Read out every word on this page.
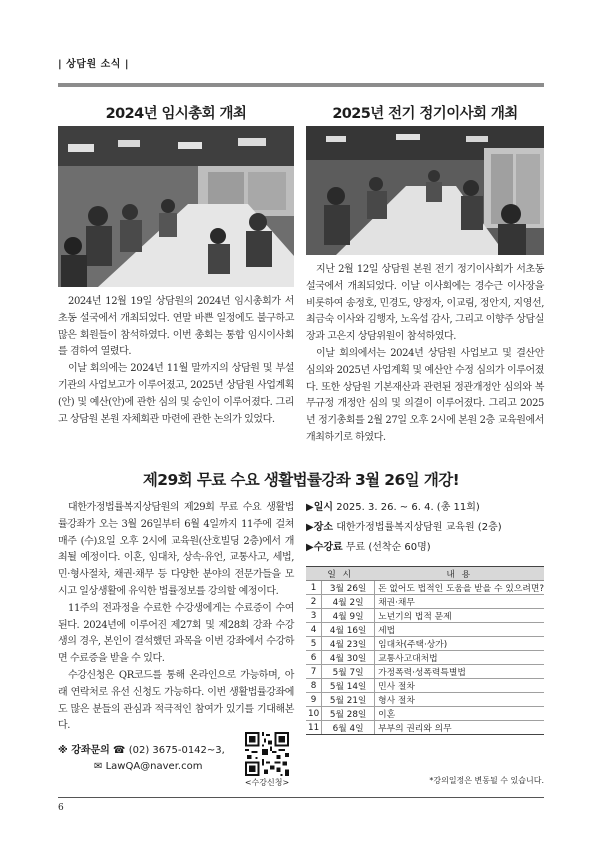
| 상담원 소식 |
2024년 임시총회 개최

2024년 12월 19일 상담원의 2024년 임시총회가 서초동 설국에서 개최되었다. 연말 바쁜 일정에도 불구하고 많은 회원들이 참석하였다. 이번 총회는 통합 임시이사회를 겸하여 열렸다.

이날 회의에는 2024년 11월 말까지의 상담원 및 부설기관의 사업보고가 이루어졌고, 2025년 상담원 사업계획(안) 및 예산(안)에 관한 심의 및 승인이 이루어졌다. 그리고 상담원 본원 자체회관 마련에 관한 논의가 있었다.

2025년 전기 정기이사회 개최

지난 2월 12일 상담원 본원 전기 정기이사회가 서초동 설국에서 개최되었다. 이날 이사회에는 경수근 이사장을 비롯하여 송정호, 민경도, 양정자, 이교림, 정안지, 지영선, 최금숙 이사와 김행자, 노옥섭 감사, 그리고 이향주 상담실장과 고은지 상담위원이 참석하였다.

이날 회의에서는 2024년 상담원 사업보고 및 결산안 심의와 2025년 사업계획 및 예산안 수정 심의가 이루어졌다. 또한 상담원 기본재산과 관련된 정관개정안 심의와 복무규정 개정안 심의 및 의결이 이루어졌다. 그리고 2025년 정기총회를 2월 27일 오후 2시에 본원 2층 교육원에서 개최하기로 하였다.

제29회 무료 수요 생활법률강좌 3월 26일 개강!

대한가정법률복지상담원의 제29회 무료 수요 생활법률강좌가 오는 3월 26일부터 6월 4일까지 11주에 걸쳐 매주 (수)요일 오후 2시에 교육원(산호빌딩 2층)에서 개최될 예정이다. 이혼, 임대차, 상속·유언, 교통사고, 세법, 민·형사절차, 채권·채무 등 다양한 분야의 전문가들을 모시고 일상생활에 유익한 법률정보를 강의할 예정이다.

11주의 전과정을 수료한 수강생에게는 수료증이 수여된다. 2024년에 이루어진 제27회 및 제28회 강좌 수강생의 경우, 본인이 결석했던 과목을 이번 강좌에서 수강하면 수료증을 받을 수 있다.

수강신청은 QR코드를 통해 온라인으로 가능하며, 아래 연락처로 유선 신청도 가능하다. 이번 생활법률강좌에도 많은 분들의 관심과 적극적인 참여가 있기를 기대해본다.

※ 강좌문의
☎
(02) 3675-0142~3,
✉
LawQA@naver.com
<수강신청>
▶일시 2025. 3. 26. ~ 6. 4. (총 11회)
▶장소 대한가정법률복지상담원 교육원 (2층)
▶수강료 무료 (선착순 60명)
일 시		내 용
1	3월 26일	돈 없어도 법적인 도움을 받을 수 있으려면?
2	4월 2일	채권·채무
3	4월 9일	노년기의 법적 문제
4	4월 16일	세법
5	4월 23일	임대차(주택·상가)
6	4월 30일	교통사고대처법
7	5월 7일	가정폭력·성폭력특별법
8	5월 14일	민사 절차
9	5월 21일	형사 절차
10	5월 28일	이혼
11	6월 4일	부부의 권리와 의무
*강의일정은 변동될 수 있습니다.
6
